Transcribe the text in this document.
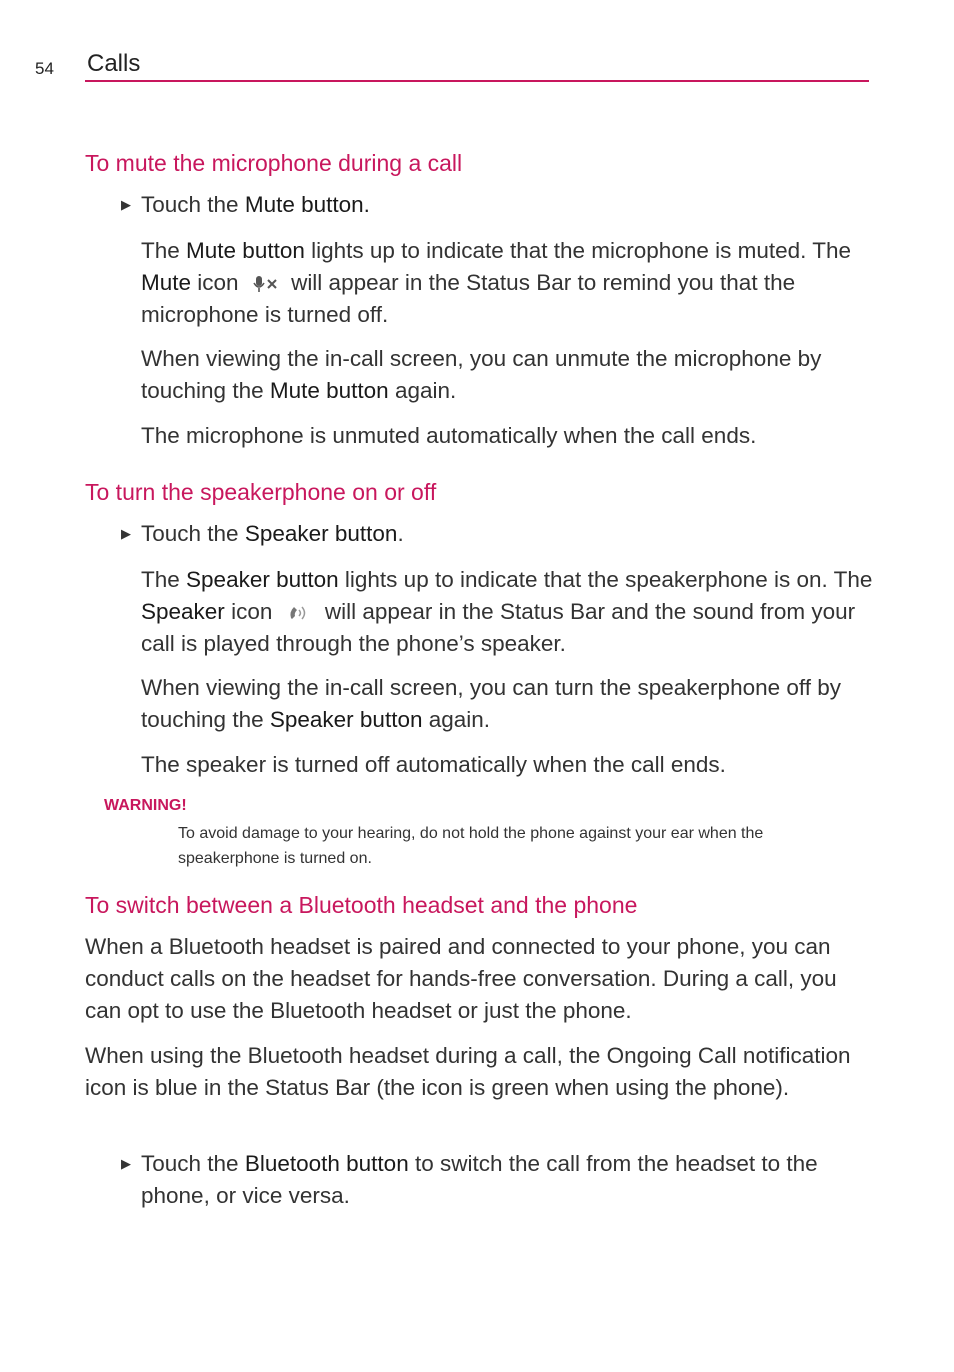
54 Calls
To mute the microphone during a call
▶ Touch the Mute button.

The Mute button lights up to indicate that the microphone is muted. The Mute icon  will appear in the Status Bar to remind you that the microphone is turned off.

When viewing the in-call screen, you can unmute the microphone by touching the Mute button again.

The microphone is unmuted automatically when the call ends.

To turn the speakerphone on or off
▶ Touch the Speaker button.

The Speaker button lights up to indicate that the speakerphone is on. The Speaker icon  will appear in the Status Bar and the sound from your call is played through the phone’s speaker.

When viewing the in-call screen, you can turn the speakerphone off by touching the Speaker button again.

The speaker is turned off automatically when the call ends.

WARNING!

To avoid damage to your hearing, do not hold the phone against your ear when the speakerphone is turned on.

To switch between a Bluetooth headset and the phone

When a Bluetooth headset is paired and connected to your phone, you can conduct calls on the headset for hands-free conversation. During a call, you can opt to use the Bluetooth headset or just the phone.

When using the Bluetooth headset during a call, the Ongoing Call notification icon is blue in the Status Bar (the icon is green when using the phone).

▶ Touch the Bluetooth button to switch the call from the headset to the phone, or vice versa.
